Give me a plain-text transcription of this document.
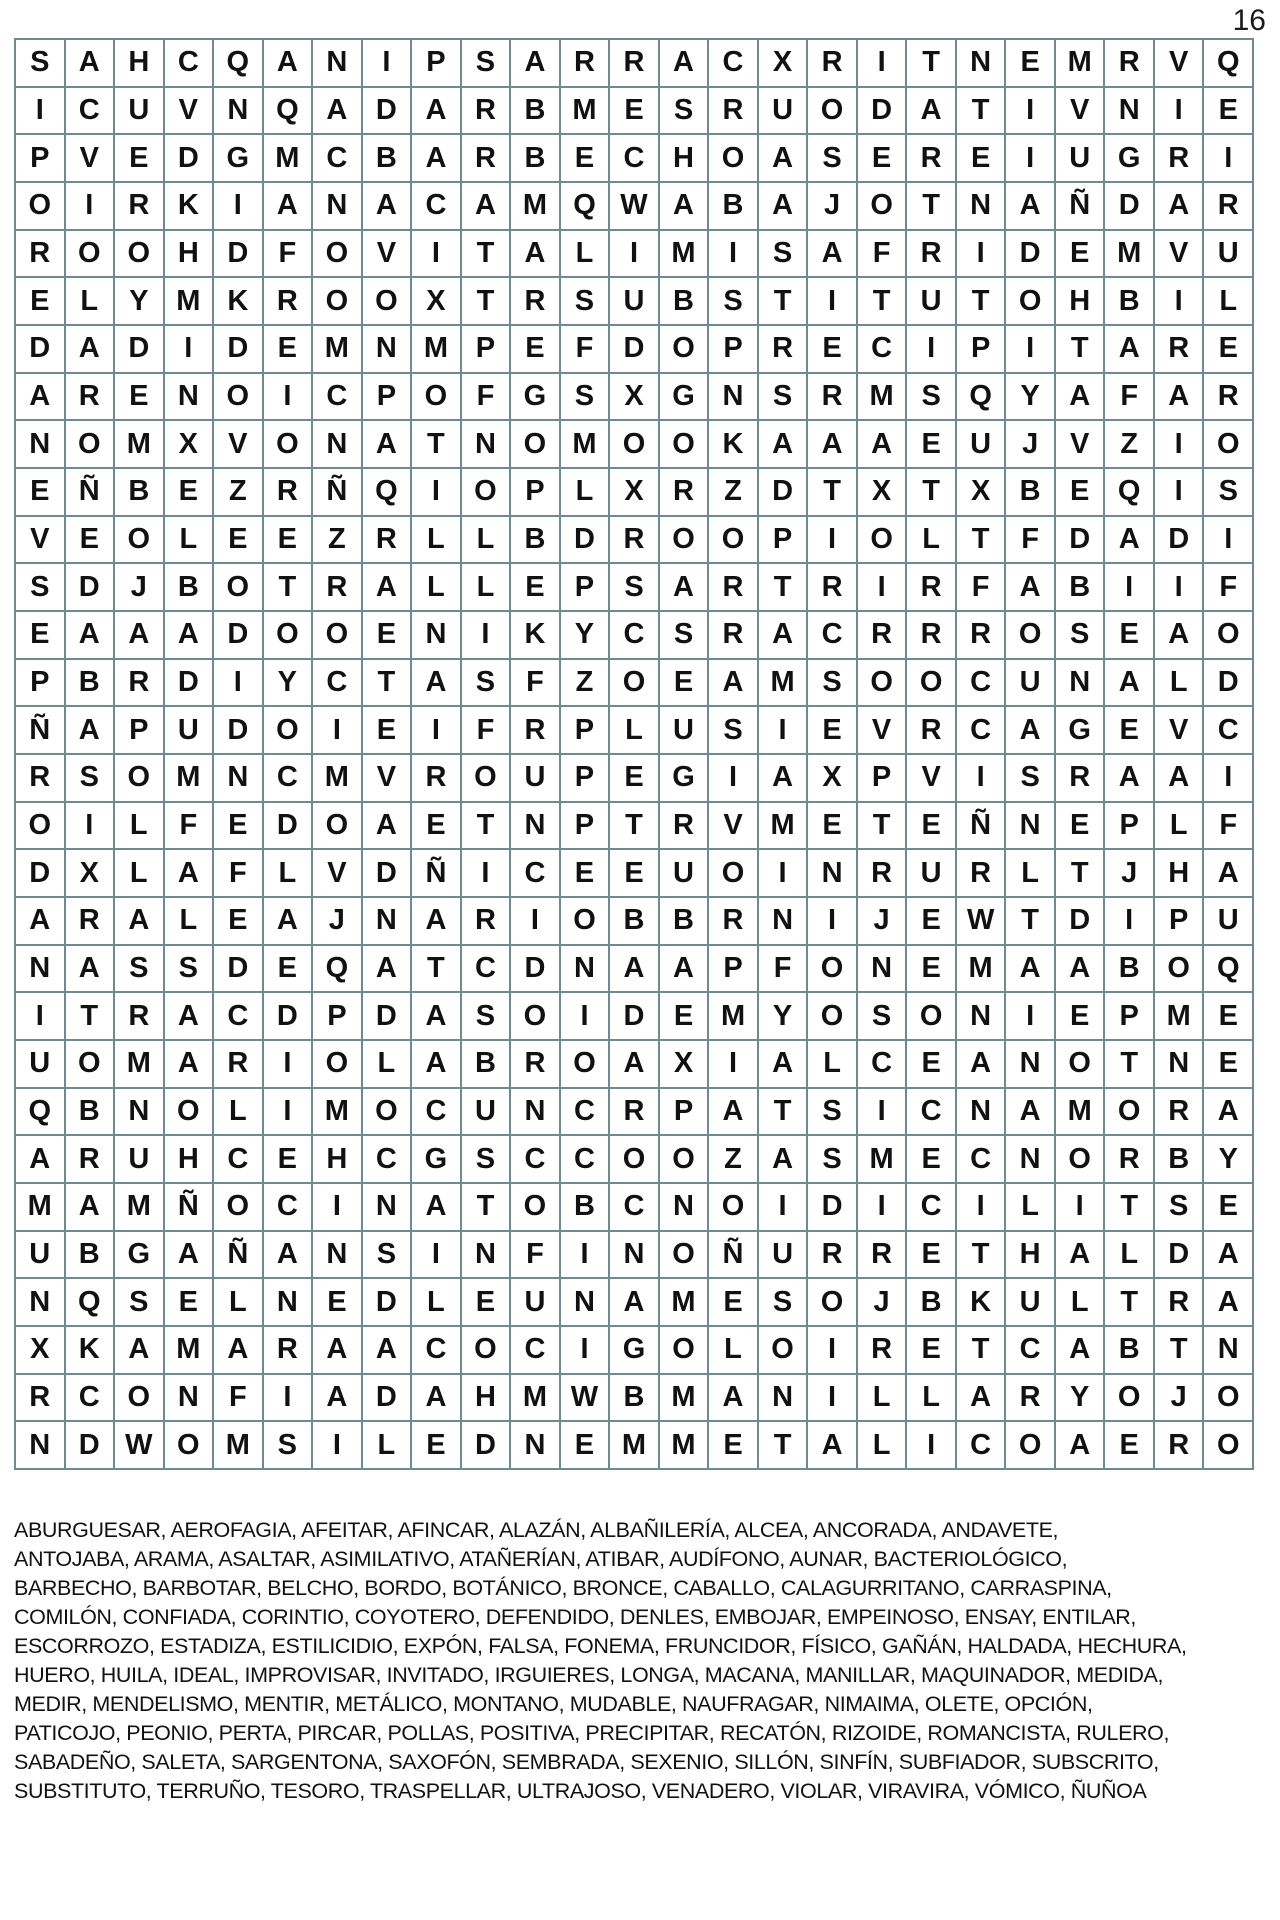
16
S	A H C Q A N	I	P	S	A R R A C	X	R	I	T	N	E M R	V Q
I	C U	V	N Q A D A R B M E	S	R U O D A	T	I	V	N	I	E
P	V	E	D G M C B A R B	E	C H O A	S	E	R	E	I	U G R	I
O	I	R K	I	A N A C A M Q W A B A	J	O	T	N A Ñ D A R
R O O H D	F	O V	I	T	A	L	I	M	I	S	A	F	R	I	D	E M V	U
E	L	Y M K R O O X	T	R	S	U B	S	T	I	T	U	T	O H B	I	L
D A D	I	D	E M N M P	E	F	D O P	R	E	C	I	P	I	T	A R	E
A R	E	N O	I	C	P O	F	G S	X G N	S	R M S Q Y	A	F	A R
N O M X	V O N A	T	N O M O O K A A A	E	U	J	V	Z	I	O
E	Ñ B	E	Z	R Ñ Q	I	O P	L	X	R	Z	D	T	X	T	X	B	E Q	I	S
V	E O	L	E	E	Z	R	L	L	B D R O O P	I	O	L	T	F	D A D	I
S	D	J	B O	T	R A	L	L	E	P	S	A R	T	R	I	R	F	A B	I	I	F
E	A A A D O O E	N	I	K	Y	C	S	R A C R R R O S	E	A O
P	B R D	I	Y	C	T	A	S	F	Z	O E	A M S O O C U N A	L	D
Ñ A	P	U D O	I	E	I	F	R	P	L	U	S	I	E	V	R C A G E	V	C
R	S O M N C M V	R O U	P	E G	I	A	X	P	V	I	S	R A A	I
O	I	L	F	E	D O A	E	T	N	P	T	R	V M E	T	E	Ñ N	E	P	L	F
D	X	L	A	F	L	V	D Ñ	I	C	E	E	U O	I	N R U R	L	T	J	H A
A R A	L	E	A	J	N A R	I	O B B R N	I	J	E W T	D	I	P	U
N A	S	S	D	E Q A	T	C D N A A	P	F	O N	E M A A B O Q
I	T	R A C D	P	D A	S O	I	D	E M Y O S O N	I	E	P M E
U O M A R	I	O	L	A B R O A	X	I	A	L	C	E	A N O	T	N	E
Q B N O	L	I	M O C U N C R	P	A	T	S	I	C N A M O R A
A R U H C	E	H C G S	C C O O	Z	A	S M E	C N O R B	Y
M A M Ñ O C	I	N A	T	O B C N O	I	D	I	C	I	L	I	T	S	E
U B G A Ñ A N	S	I	N	F	I	N O Ñ U R R	E	T	H A	L	D A
N Q S	E	L	N	E	D	L	E	U N A M E	S O	J	B K U	L	T	R A
X	K A M A R A A C O C	I	G O	L	O	I	R	E	T	C A B	T	N
R C O N	F	I	A D A H M W B M A N	I	L	L	A R	Y O	J	O
N D W O M S	I	L	E	D N	E M M E	T	A	L	I	C O A	E	R O
ABURGUESAR, AEROFAGIA, AFEITAR, AFINCAR, ALAZÁN, ALBAÑILERÍA, ALCEA, ANCORADA, ANDAVETE,
ANTOJABA, ARAMA, ASALTAR, ASIMILATIVO, ATAÑERÍAN, ATIBAR, AUDÍFONO, AUNAR, BACTERIOLÓGICO,
BARBECHO, BARBOTAR, BELCHO, BORDO, BOTÁNICO, BRONCE, CABALLO, CALAGURRITANO, CARRASPINA,
COMILÓN, CONFIADA, CORINTIO, COYOTERO, DEFENDIDO, DENLES, EMBOJAR, EMPEINOSO, ENSAY, ENTILAR,
ESCORROZO, ESTADIZA, ESTILICIDIO, EXPÓN, FALSA, FONEMA, FRUNCIDOR, FÍSICO, GAÑÁN, HALDADA, HECHURA,
HUERO, HUILA, IDEAL, IMPROVISAR, INVITADO, IRGUIERES, LONGA, MACANA, MANILLAR, MAQUINADOR, MEDIDA,
MEDIR, MENDELISMO, MENTIR, METÁLICO, MONTANO, MUDABLE, NAUFRAGAR, NIMAIMA, OLETE, OPCIÓN,
PATICOJO, PEONIO, PERTA, PIRCAR, POLLAS, POSITIVA, PRECIPITAR, RECATÓN, RIZOIDE, ROMANCISTA, RULERO,
SABADEÑO, SALETA, SARGENTONA, SAXOFÓN, SEMBRADA, SEXENIO, SILLÓN, SINFÍN, SUBFIADOR, SUBSCRITO,
SUBSTITUTO, TERRUÑO, TESORO, TRASPELLAR, ULTRAJOSO, VENADERO, VIOLAR, VIRAVIRA, VÓMICO, ÑUÑOA
